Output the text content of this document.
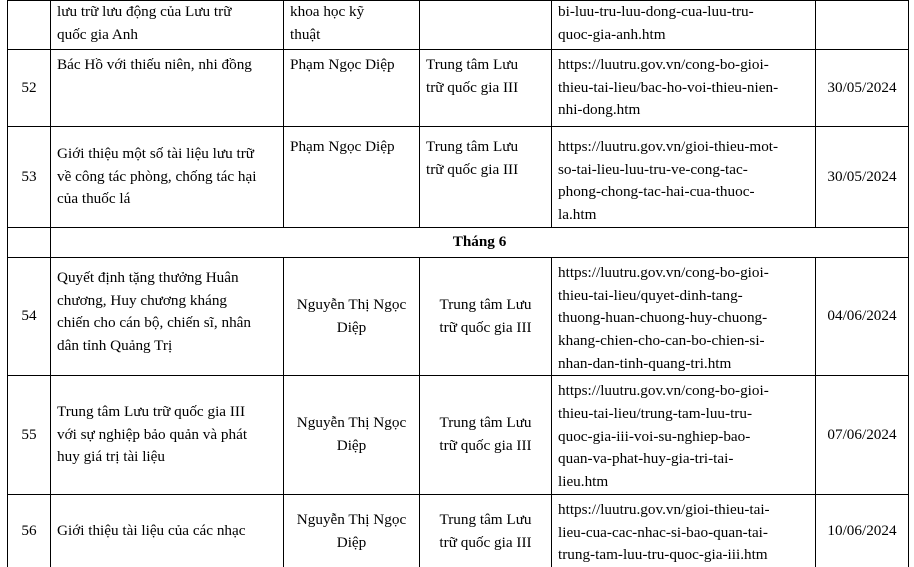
	lưu trữ lưu động của Lưu trữ
quốc gia Anh	khoa học kỹ
thuật		bi-luu-tru-luu-dong-cua-luu-tru-
quoc-gia-anh.htm	

52	Bác Hồ với thiếu niên, nhi đồng	Phạm Ngọc Diệp	Trung tâm Lưu
trữ quốc gia III	https://luutru.gov.vn/cong-bo-gioi-
thieu-tai-lieu/bac-ho-voi-thieu-nien-
nhi-dong.htm	30/05/2024
53	Giới thiệu một số tài liệu lưu trữ
về công tác phòng, chống tác hại
của thuốc lá	Phạm Ngọc Diệp	Trung tâm Lưu
trữ quốc gia III	https://luutru.gov.vn/gioi-thieu-mot-
so-tai-lieu-luu-tru-ve-cong-tac-
phong-chong-tac-hai-cua-thuoc-
la.htm	30/05/2024
	Tháng 6				
54	Quyết định tặng thưởng Huân
chương, Huy chương kháng
chiến cho cán bộ, chiến sĩ, nhân
dân tỉnh Quảng Trị	Nguyễn Thị Ngọc
Diệp	Trung tâm Lưu
trữ quốc gia III	https://luutru.gov.vn/cong-bo-gioi-
thieu-tai-lieu/quyet-dinh-tang-
thuong-huan-chuong-huy-chuong-
khang-chien-cho-can-bo-chien-si-
nhan-dan-tinh-quang-tri.htm	04/06/2024
55	Trung tâm Lưu trữ quốc gia III
với sự nghiệp bảo quản và phát
huy giá trị tài liệu	Nguyễn Thị Ngọc
Diệp	Trung tâm Lưu
trữ quốc gia III	https://luutru.gov.vn/cong-bo-gioi-
thieu-tai-lieu/trung-tam-luu-tru-
quoc-gia-iii-voi-su-nghiep-bao-
quan-va-phat-huy-gia-tri-tai-
lieu.htm	07/06/2024
56	Giới thiệu tài liệu của các nhạc	Nguyễn Thị Ngọc
Diệp	Trung tâm Lưu
trữ quốc gia III	https://luutru.gov.vn/gioi-thieu-tai-
lieu-cua-cac-nhac-si-bao-quan-tai-
trung-tam-luu-tru-quoc-gia-iii.htm	10/06/2024
